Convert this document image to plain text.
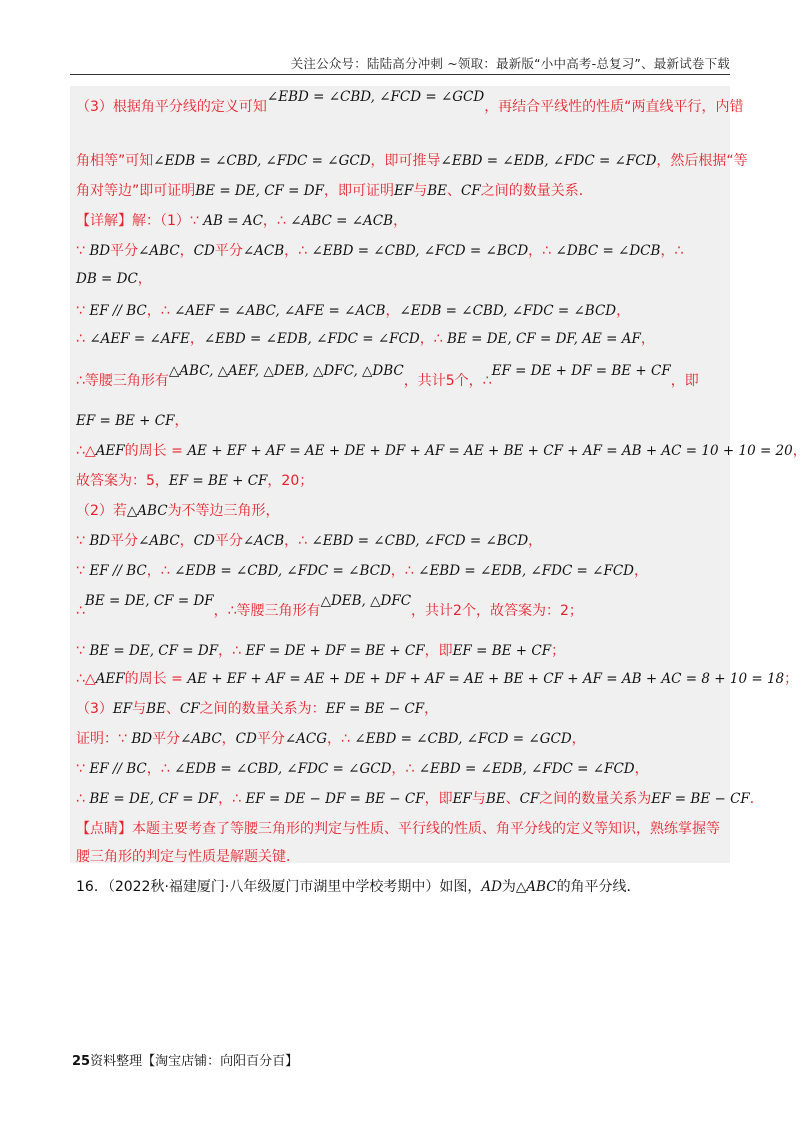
关注公众号：陆陆高分冲刺 ~领取：最新版“小中高考-总复习”、最新试卷下载
（3）根据角平分线的定义可知∠EBD = ∠CBD, ∠FCD = ∠GCD，再结合平线性的性质“两直线平行，内错
角相等”可知∠EDB = ∠CBD, ∠FDC = ∠GCD，即可推导∠EBD = ∠EDB, ∠FDC = ∠FCD，然后根据“等
角对等边”即可证明BE = DE, CF = DF，即可证明EF与BE、CF之间的数量关系．
【详解】解：（1）∵ AB = AC，∴ ∠ABC = ∠ACB，
∵ BD平分∠ABC，CD平分∠ACB，∴ ∠EBD = ∠CBD, ∠FCD = ∠BCD，∴ ∠DBC = ∠DCB，∴
DB = DC，
∵ EF // BC，∴ ∠AEF = ∠ABC, ∠AFE = ∠ACB，∠EDB = ∠CBD, ∠FDC = ∠BCD，
∴ ∠AEF = ∠AFE，∠EBD = ∠EDB, ∠FDC = ∠FCD，∴ BE = DE, CF = DF, AE = AF，
∴等腰三角形有△ABC, △AEF, △DEB, △DFC, △DBC，共计5个，∴EF = DE + DF = BE + CF，即
EF = BE + CF，
∴△AEF的周长 = AE + EF + AF = AE + DE + DF + AF = AE + BE + CF + AF = AB + AC = 10 + 10 = 20，
故答案为：5，EF = BE + CF，20；
（2）若△ABC为不等边三角形，
∵ BD平分∠ABC，CD平分∠ACB，∴ ∠EBD = ∠CBD, ∠FCD = ∠BCD，
∵ EF // BC，∴ ∠EDB = ∠CBD, ∠FDC = ∠BCD，∴ ∠EBD = ∠EDB, ∠FDC = ∠FCD，
∴BE = DE, CF = DF，∴等腰三角形有△DEB, △DFC，共计2个，故答案为：2；
∵ BE = DE, CF = DF，∴ EF = DE + DF = BE + CF，即EF = BE + CF；
∴△AEF的周长 = AE + EF + AF = AE + DE + DF + AF = AE + BE + CF + AF = AB + AC = 8 + 10 = 18；
（3）EF与BE、CF之间的数量关系为：EF = BE − CF，
证明：∵ BD平分∠ABC，CD平分∠ACG，∴ ∠EBD = ∠CBD, ∠FCD = ∠GCD，
∵ EF // BC，∴ ∠EDB = ∠CBD, ∠FDC = ∠GCD，∴ ∠EBD = ∠EDB, ∠FDC = ∠FCD，
∴ BE = DE, CF = DF，∴ EF = DE − DF = BE − CF，即EF与BE、CF之间的数量关系为EF = BE − CF．
【点睛】本题主要考查了等腰三角形的判定与性质、平行线的性质、角平分线的定义等知识，熟练掌握等
腰三角形的判定与性质是解题关键．
16．（2022秋·福建厦门·八年级厦门市湖里中学校考期中）如图，AD为△ABC的角平分线．
25资料整理【淘宝店铺：向阳百分百】
